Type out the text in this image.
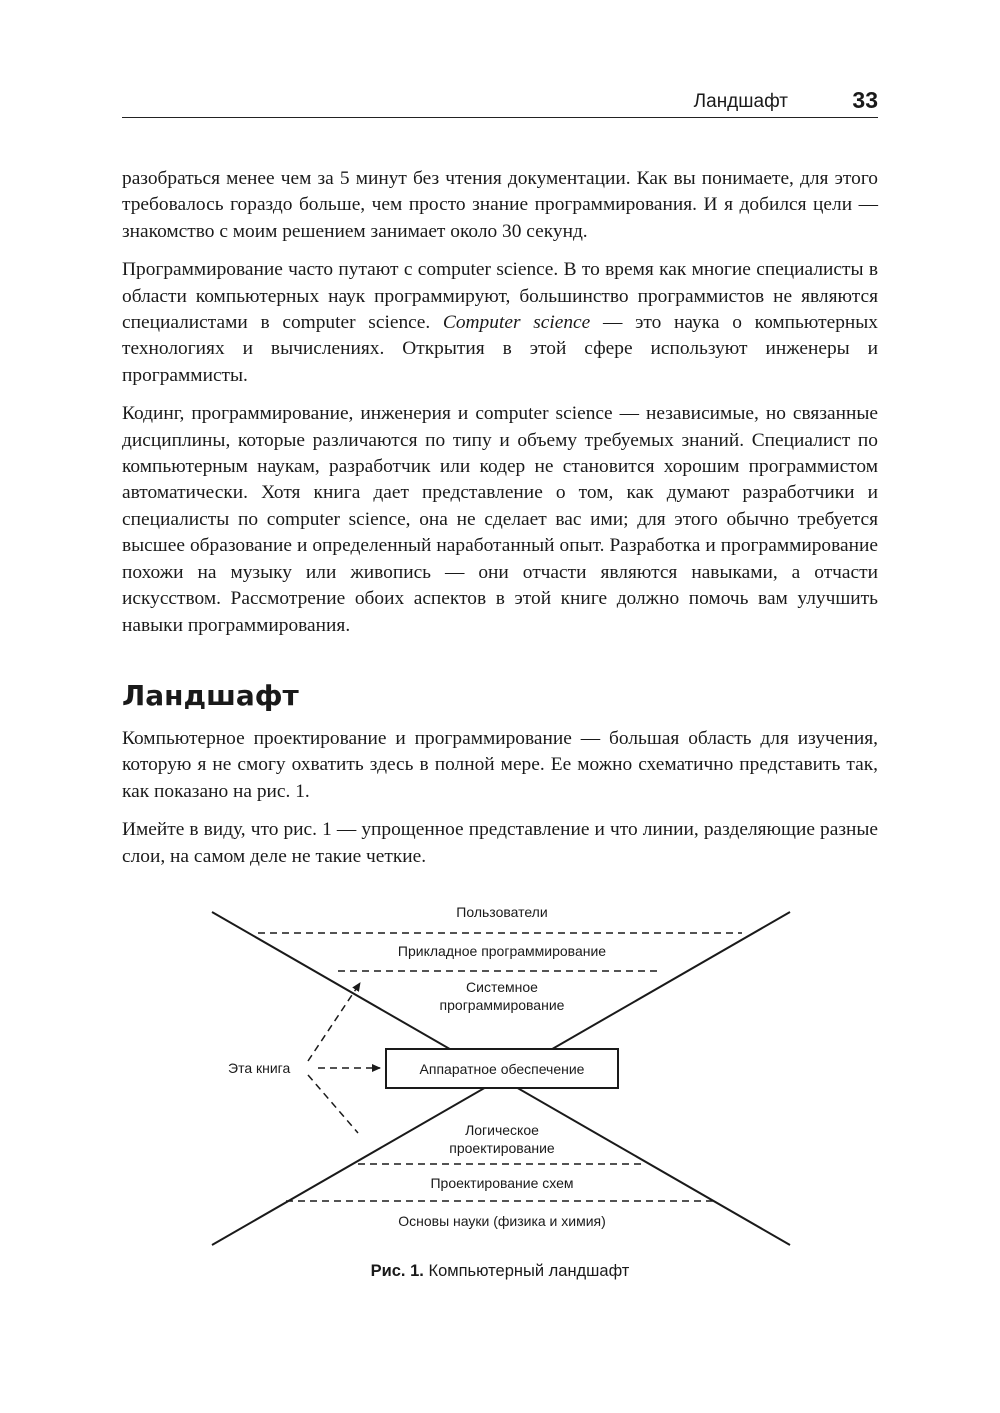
Ландшафт	33

разобраться менее чем за 5 минут без чтения документации. Как вы понимаете, для этого требовалось гораздо больше, чем просто знание программирования. И я добился цели — знакомство с моим решением занимает около 30 секунд.

Программирование часто путают с computer science. В то время как многие специалисты в области компьютерных наук программируют, большинство программистов не являются специалистами в computer science. Computer science — это наука о компьютерных технологиях и вычислениях. Открытия в этой сфере используют инженеры и программисты.

Кодинг, программирование, инженерия и computer science — независимые, но связанные дисциплины, которые различаются по типу и объему требуемых знаний. Специалист по компьютерным наукам, разработчик или кодер не становится хорошим программистом автоматически. Хотя книга дает представление о том, как думают разработчики и специалисты по computer science, она не сделает вас ими; для этого обычно требуется высшее образование и определенный наработанный опыт. Разработка и программирование похожи на музыку или живопись — они отчасти являются навыками, а отчасти искусством. Рассмотрение обоих аспектов в этой книге должно помочь вам улучшить навыки программирования.

Ландшафт

Компьютерное проектирование и программирование — большая область для изучения, которую я не смогу охватить здесь в полной мере. Ее можно схематично представить так, как показано на рис. 1.

Имейте в виду, что рис. 1 — упрощенное представление и что линии, разделяющие разные слои, на самом деле не такие четкие.

Пользователи
Прикладное программирование
Системное
программирование
Аппаратное обеспечение
Эта книга
Логическое
проектирование
Проектирование схем
Основы науки (физика и химия)
Рис. 1. Компьютерный ландшафт
